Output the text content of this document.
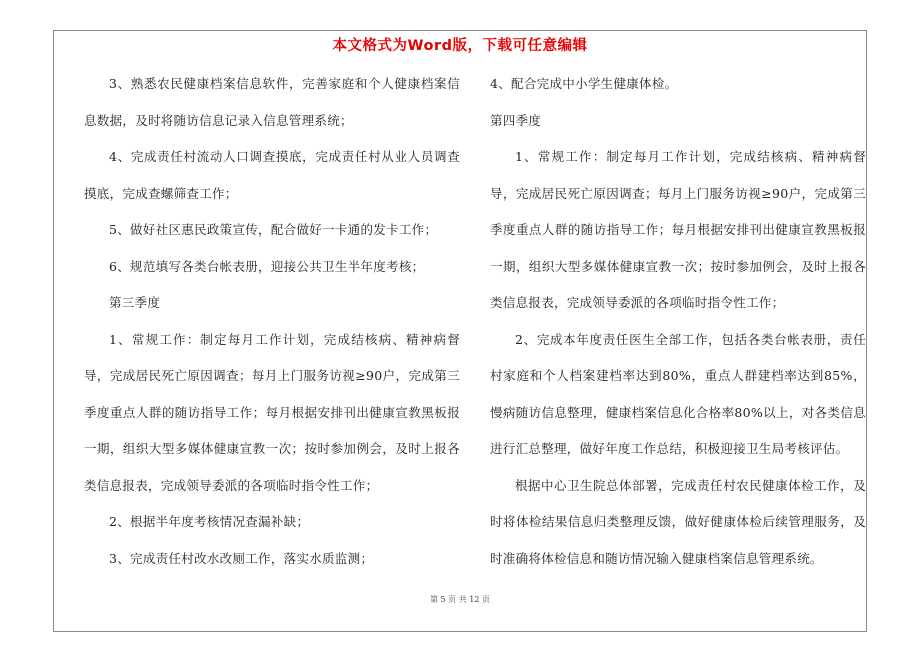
本文格式为Word版，下载可任意编辑

3、熟悉农民健康档案信息软件，完善家庭和个人健康档案信息数据，及时将随访信息记录入信息管理系统；

4、完成责任村流动人口调查摸底，完成责任村从业人员调查摸底，完成查螺筛查工作；

5、做好社区惠民政策宣传，配合做好一卡通的发卡工作；

6、规范填写各类台帐表册，迎接公共卫生半年度考核；

第三季度

1、常规工作：制定每月工作计划，完成结核病、精神病督导，完成居民死亡原因调查；每月上门服务访视≥90户，完成第三季度重点人群的随访指导工作；每月根据安排刊出健康宣教黑板报一期，组织大型多媒体健康宣教一次；按时参加例会，及时上报各类信息报表，完成领导委派的各项临时指令性工作；

2、根据半年度考核情况查漏补缺；

3、完成责任村改水改厕工作，落实水质监测；

4、配合完成中小学生健康体检。

第四季度

1、常规工作：制定每月工作计划，完成结核病、精神病督导，完成居民死亡原因调查；每月上门服务访视≥90户，完成第三季度重点人群的随访指导工作；每月根据安排刊出健康宣教黑板报一期，组织大型多媒体健康宣教一次；按时参加例会，及时上报各类信息报表，完成领导委派的各项临时指令性工作；

2、完成本年度责任医生全部工作，包括各类台帐表册，责任村家庭和个人档案建档率达到80%，重点人群建档率达到85%，慢病随访信息整理，健康档案信息化合格率80%以上，对各类信息进行汇总整理，做好年度工作总结，积极迎接卫生局考核评估。

根据中心卫生院总体部署，完成责任村农民健康体检工作，及时将体检结果信息归类整理反馈，做好健康体检后续管理服务，及时准确将体检信息和随访情况输入健康档案信息管理系统。

第 5 页 共 12 页
